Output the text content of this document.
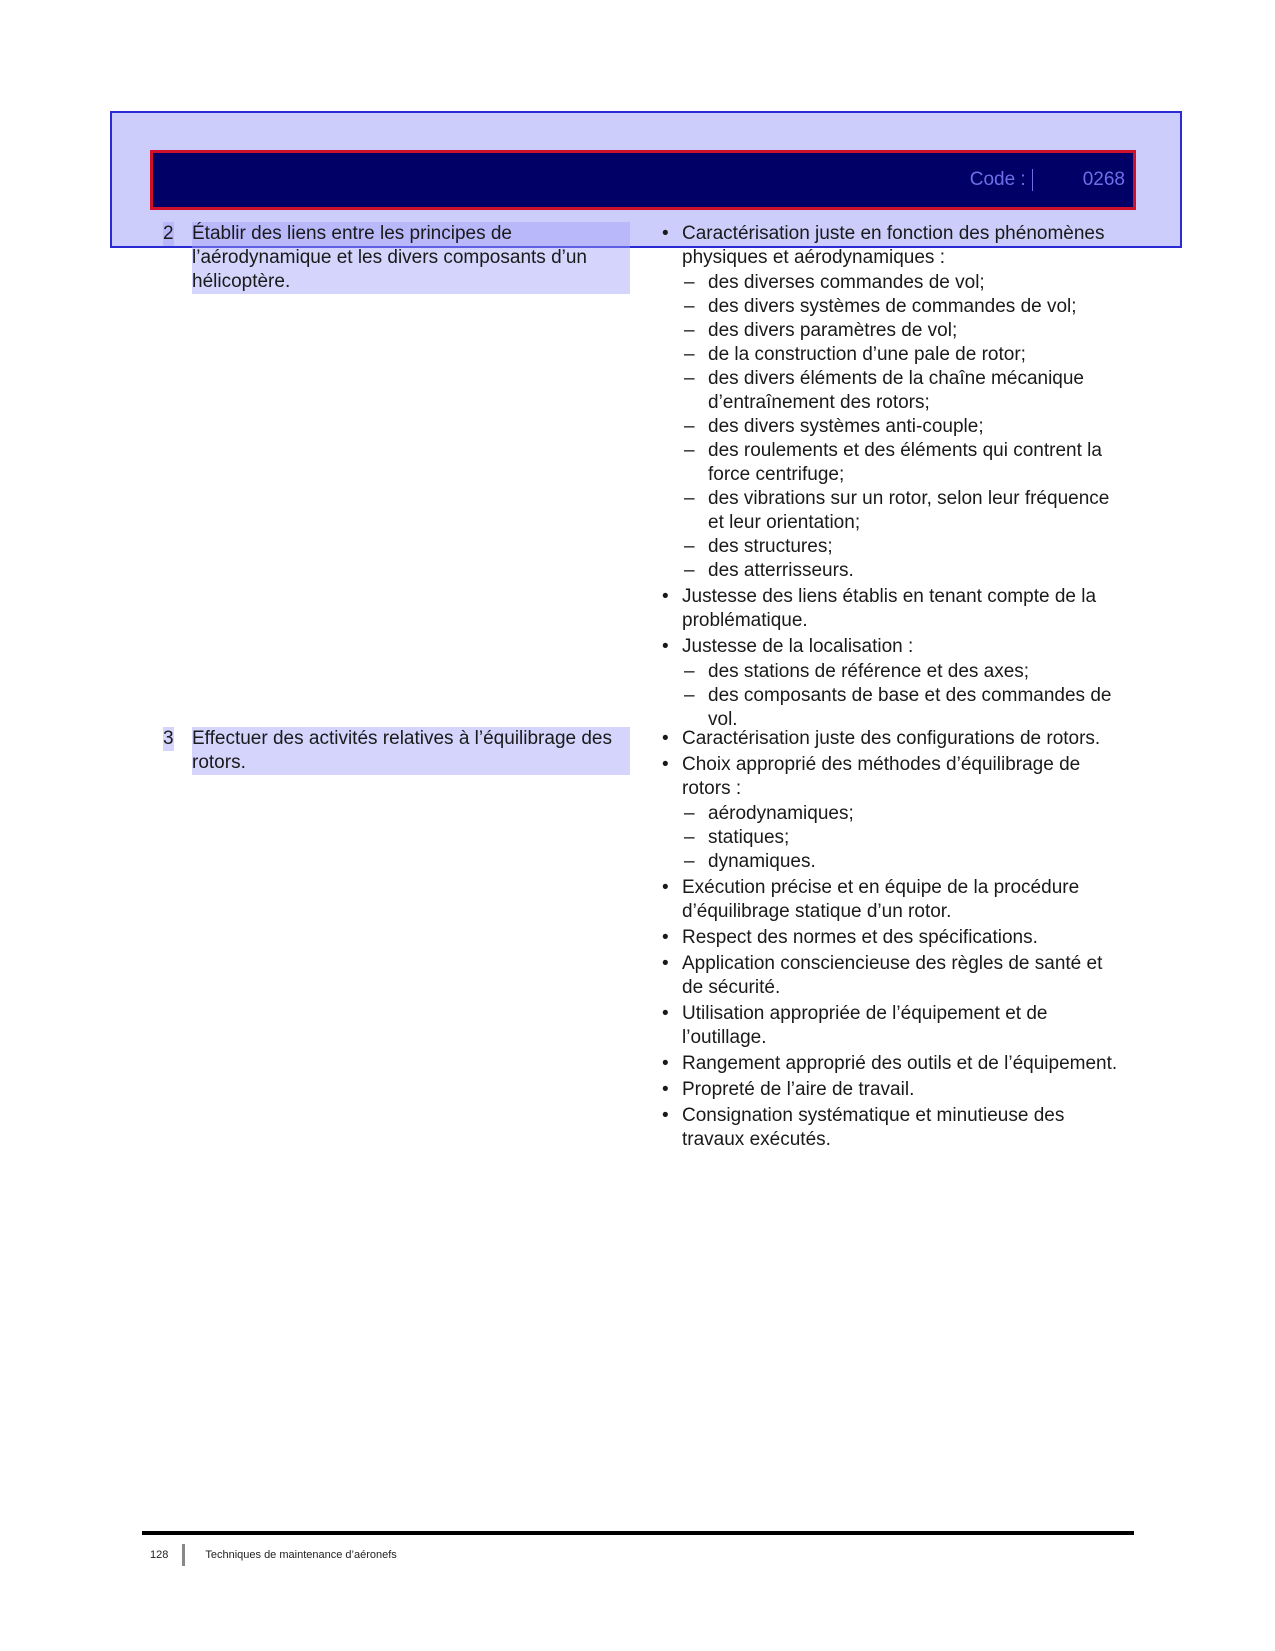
Code :	0268
2 Établir des liens entre les principes de l’aérodynamique et les divers composants d’un hélicoptère.
• Caractérisation juste en fonction des phénomènes physiques et aérodynamiques :
– des diverses commandes de vol;
– des divers systèmes de commandes de vol;
– des divers paramètres de vol;
– de la construction d’une pale de rotor;
– des divers éléments de la chaîne mécanique d’entraînement des rotors;
– des divers systèmes anti-couple;
– des roulements et des éléments qui contrent la force centrifuge;
– des vibrations sur un rotor, selon leur fréquence et leur orientation;
– des structures;
– des atterrisseurs.
• Justesse des liens établis en tenant compte de la problématique.
• Justesse de la localisation :
– des stations de référence et des axes;
– des composants de base et des commandes de vol.
3 Effectuer des activités relatives à l’équilibrage des rotors.
• Caractérisation juste des configurations de rotors.
• Choix approprié des méthodes d’équilibrage de rotors :
– aérodynamiques;
– statiques;
– dynamiques.
• Exécution précise et en équipe de la procédure d’équilibrage statique d’un rotor.
• Respect des normes et des spécifications.
• Application consciencieuse des règles de santé et de sécurité.
• Utilisation appropriée de l’équipement et de l’outillage.
• Rangement approprié des outils et de l’équipement.
• Propreté de l’aire de travail.
• Consignation systématique et minutieuse des travaux exécutés.
128	Techniques de maintenance d’aéronefs
